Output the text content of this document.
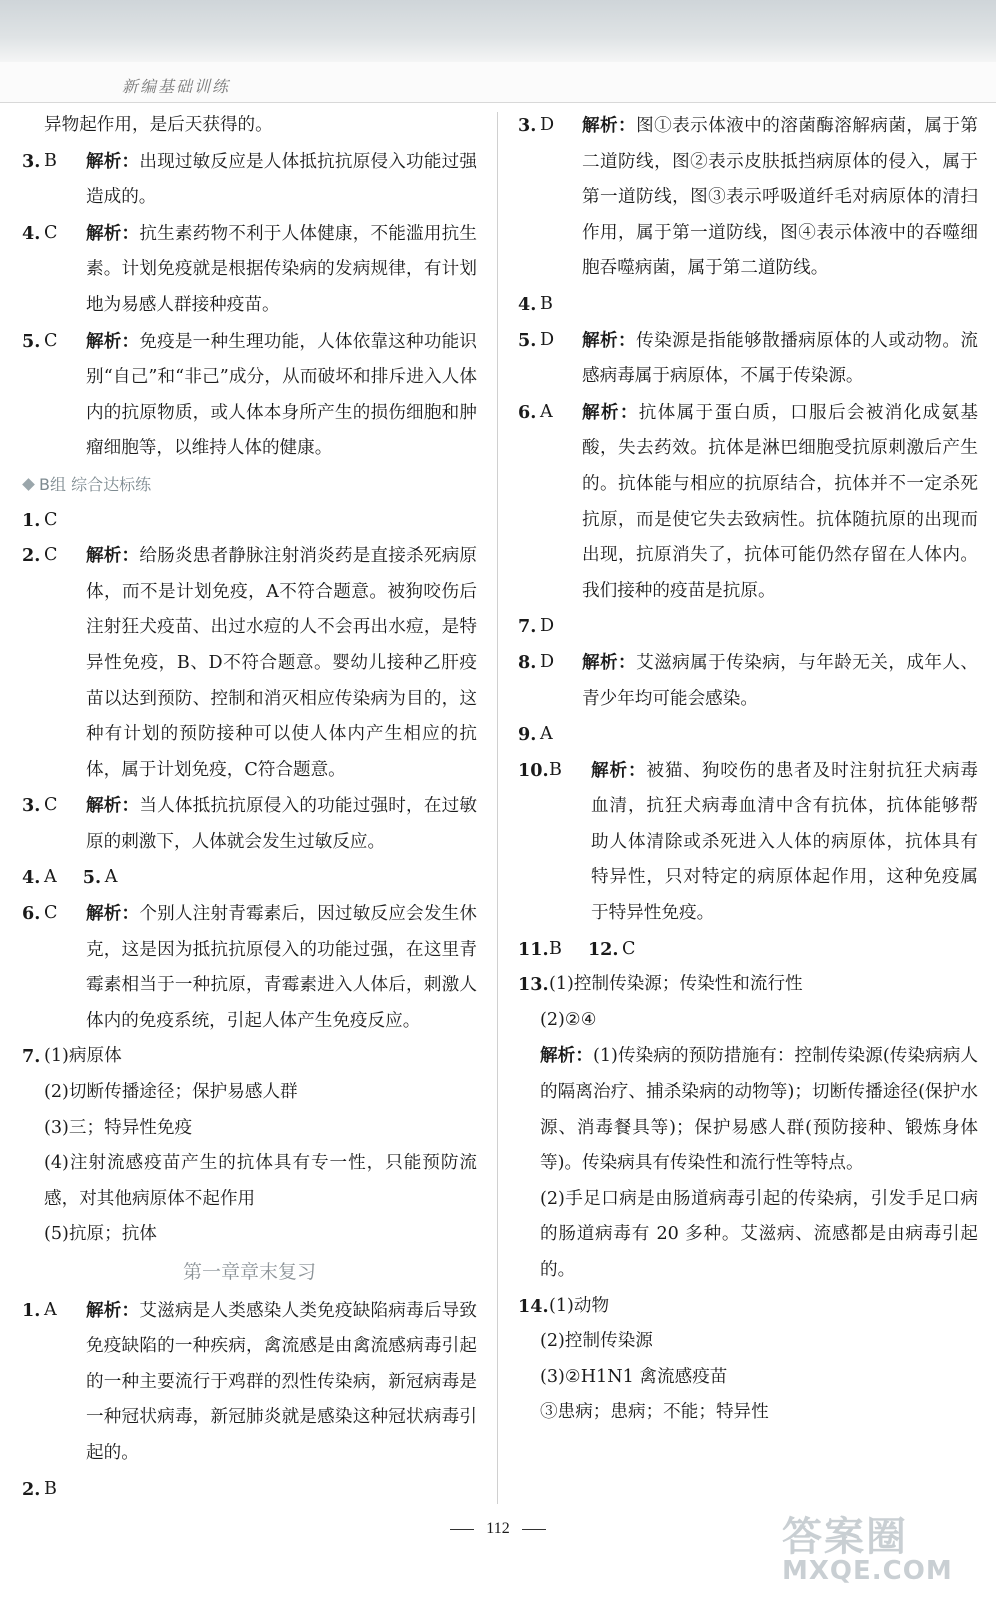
新编基础训练
异物起作用，是后天获得的。
3. B	解析：出现过敏反应是人体抵抗抗原侵入功能过强造成的。
4. C	解析：抗生素药物不利于人体健康，不能滥用抗生素。计划免疫就是根据传染病的发病规律，有计划地为易感人群接种疫苗。
5. C	解析：免疫是一种生理功能，人体依靠这种功能识别“自己”和“非己”成分，从而破坏和排斥进入人体内的抗原物质，或人体本身所产生的损伤细胞和肿瘤细胞等，以维持人体的健康。
B组 综合达标练
1. C
2. C	解析：给肠炎患者静脉注射消炎药是直接杀死病原体，而不是计划免疫，A不符合题意。被狗咬伤后注射狂犬疫苗、出过水痘的人不会再出水痘，是特异性免疫，B、D不符合题意。婴幼儿接种乙肝疫苗以达到预防、控制和消灭相应传染病为目的，这种有计划的预防接种可以使人体内产生相应的抗体，属于计划免疫，C符合题意。
3. C	解析：当人体抵抗抗原侵入的功能过强时，在过敏原的刺激下，人体就会发生过敏反应。
4. A 5. A
6. C	解析：个别人注射青霉素后，因过敏反应会发生休克，这是因为抵抗抗原侵入的功能过强，在这里青霉素相当于一种抗原，青霉素进入人体后，刺激人体内的免疫系统，引起人体产生免疫反应。
7. (1)病原体
(2)切断传播途径；保护易感人群
(3)三；特异性免疫
(4)注射流感疫苗产生的抗体具有专一性，只能预防流感，对其他病原体不起作用
(5)抗原；抗体
第一章章末复习
1. A	解析：艾滋病是人类感染人类免疫缺陷病毒后导致免疫缺陷的一种疾病，禽流感是由禽流感病毒引起的一种主要流行于鸡群的烈性传染病，新冠病毒是一种冠状病毒，新冠肺炎就是感染这种冠状病毒引起的。
2. B
3. D	解析：图①表示体液中的溶菌酶溶解病菌，属于第二道防线，图②表示皮肤抵挡病原体的侵入，属于第一道防线，图③表示呼吸道纤毛对病原体的清扫作用，属于第一道防线，图④表示体液中的吞噬细胞吞噬病菌，属于第二道防线。
4. B
5. D	解析：传染源是指能够散播病原体的人或动物。流感病毒属于病原体，不属于传染源。
6. A	解析：抗体属于蛋白质，口服后会被消化成氨基酸，失去药效。抗体是淋巴细胞受抗原刺激后产生的。抗体能与相应的抗原结合，抗体并不一定杀死抗原，而是使它失去致病性。抗体随抗原的出现而出现，抗原消失了，抗体可能仍然存留在人体内。我们接种的疫苗是抗原。
7. D
8. D	解析：艾滋病属于传染病，与年龄无关，成年人、青少年均可能会感染。
9. A
10. B	解析：被猫、狗咬伤的患者及时注射抗狂犬病毒血清，抗狂犬病毒血清中含有抗体，抗体能够帮助人体清除或杀死进入人体的病原体，抗体具有特异性，只对特定的病原体起作用，这种免疫属于特异性免疫。
11. B 12. C
13. (1)控制传染源；传染性和流行性
(2)②④
解析：(1)传染病的预防措施有：控制传染源(传染病病人的隔离治疗、捕杀染病的动物等)；切断传播途径(保护水源、消毒餐具等)；保护易感人群(预防接种、锻炼身体等)。传染病具有传染性和流行性等特点。
(2)手足口病是由肠道病毒引起的传染病，引发手足口病的肠道病毒有 20 多种。艾滋病、流感都是由病毒引起的。
14. (1)动物
(2)控制传染源
(3)②H1N1 禽流感疫苗
③患病；患病；不能；特异性
112	答案圈
MXQE.COM
